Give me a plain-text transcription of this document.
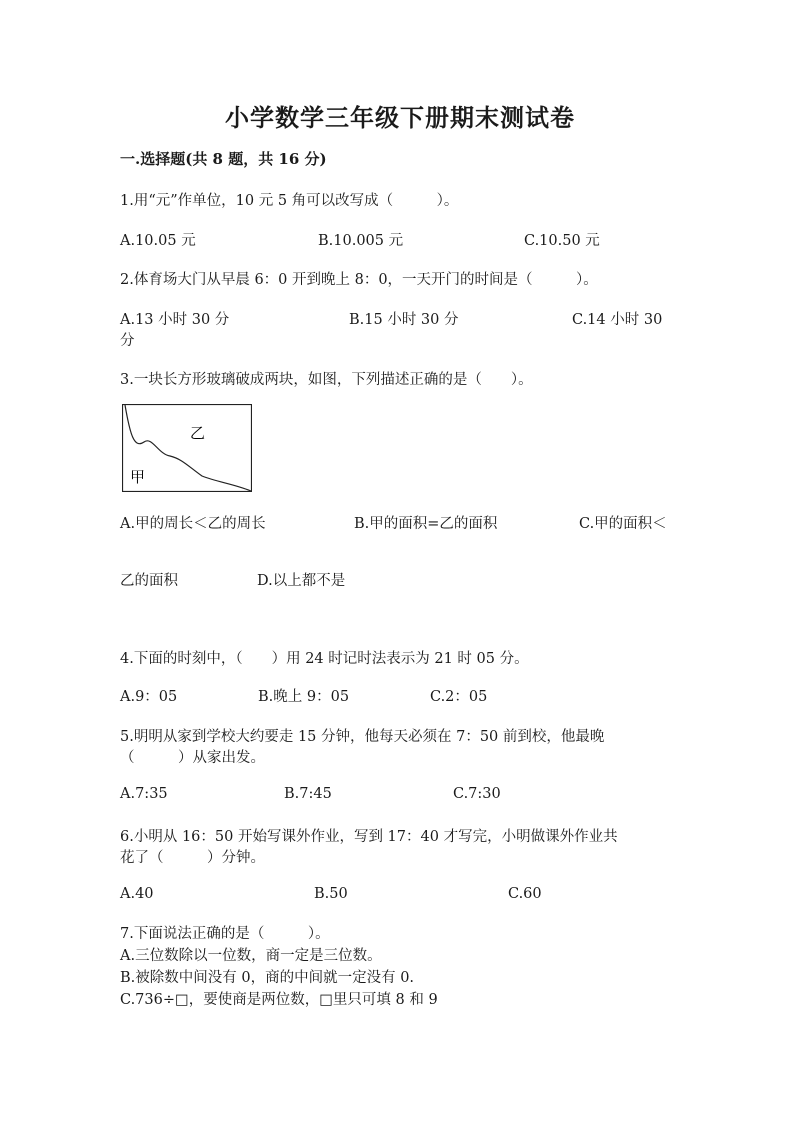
小学数学三年级下册期末测试卷
一.选择题(共 8 题，共 16 分)
1.用“元”作单位，10 元 5 角可以改写成（　　　）。
A.10.05 元	B.10.005 元	C.10.50 元
2.体育场大门从早晨 6：0 开到晚上 8：0，一天开门的时间是（　　　）。
A.13 小时 30 分	B.15 小时 30 分	C.14 小时 30
分
3.一块长方形玻璃破成两块，如图，下列描述正确的是（　　）。
乙
甲
A.甲的周长＜乙的周长	B.甲的面积=乙的面积	C.甲的面积＜
乙的面积	D.以上都不是
4.下面的时刻中，（　　）用 24 时记时法表示为 21 时 05 分。
A.9：05	B.晚上 9：05	C.2：05
5.明明从家到学校大约要走 15 分钟，他每天必须在 7：50 前到校，他最晚
（　　　）从家出发。
A.7:35	B.7:45	C.7:30
6.小明从 16：50 开始写课外作业，写到 17：40 才写完，小明做课外作业共
花了（　　　）分钟。
A.40	B.50	C.60
7.下面说法正确的是（　　　）。
A.三位数除以一位数，商一定是三位数。
B.被除数中间没有 0，商的中间就一定没有 0.
C.736÷□，要使商是两位数，□里只可填 8 和 9
